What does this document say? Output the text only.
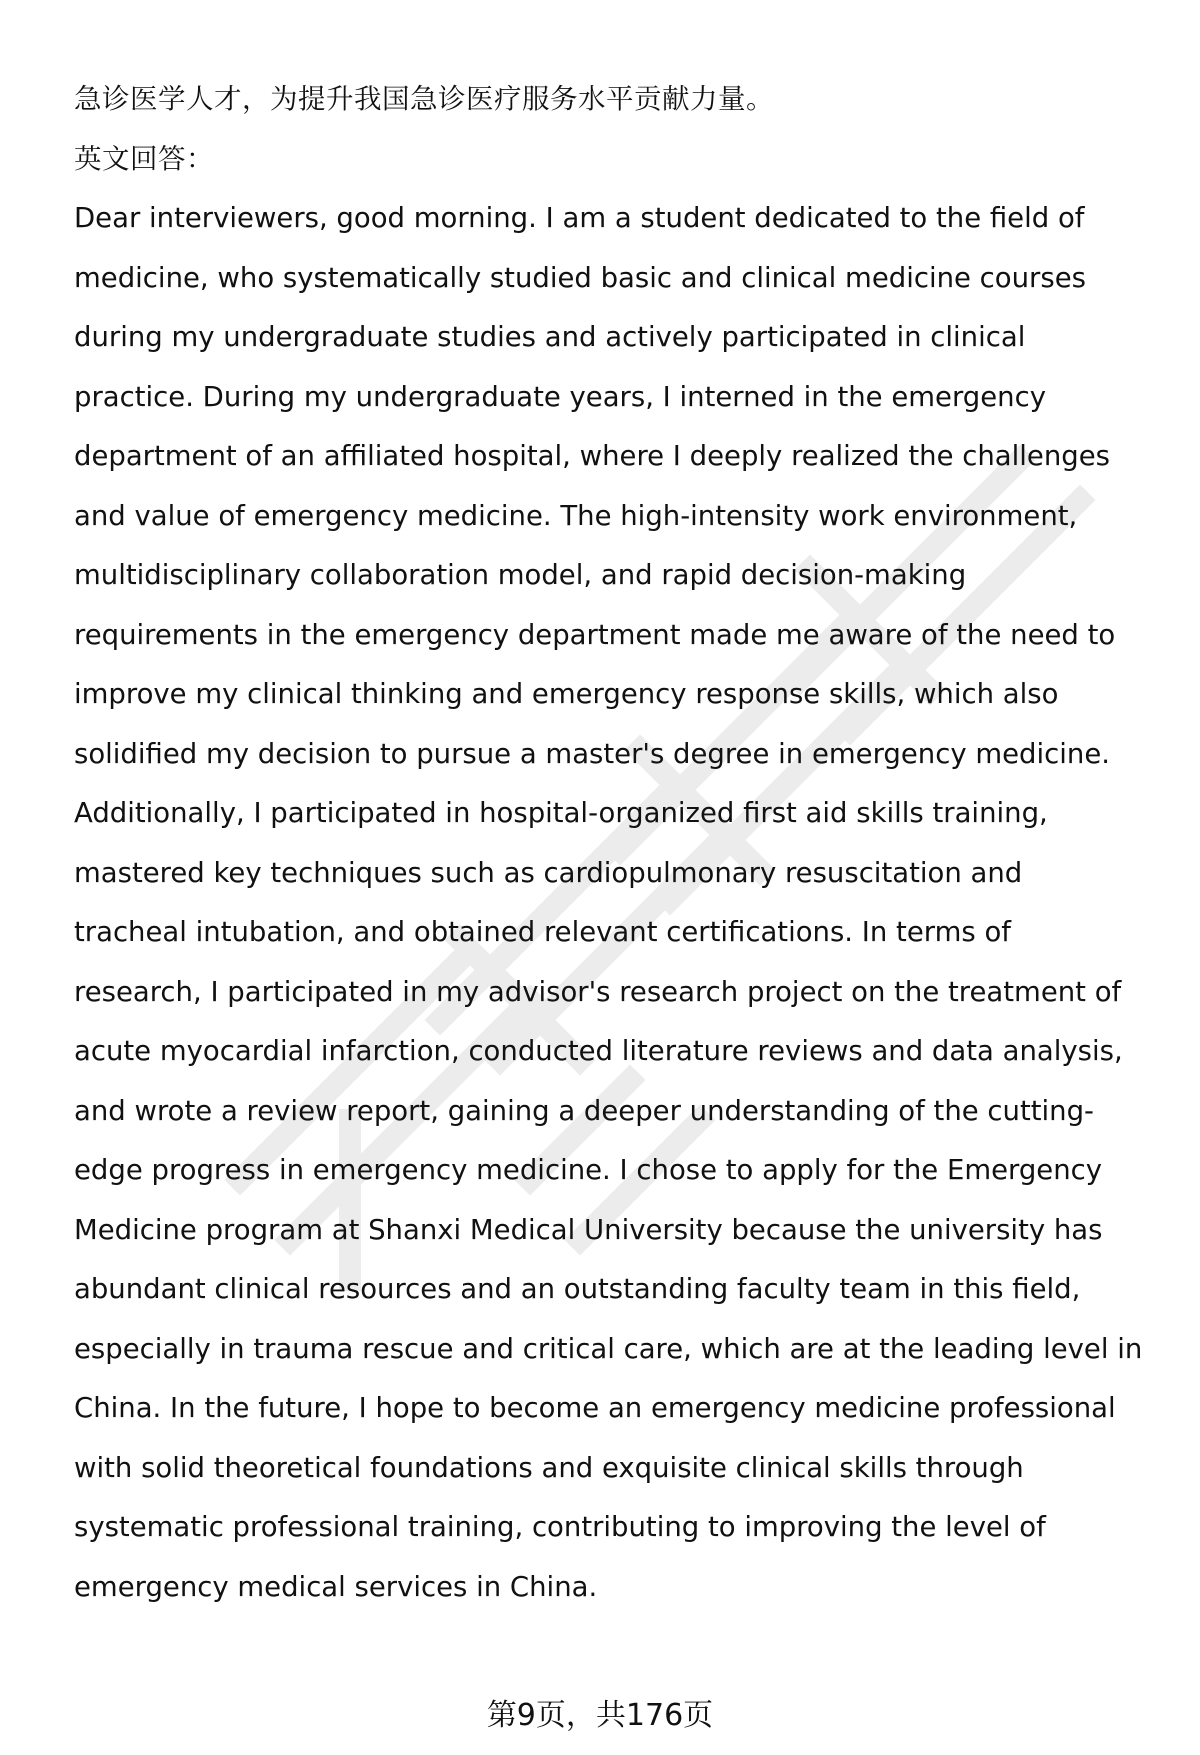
急诊医学人才，为提升我国急诊医疗服务水平贡献力量。
英文回答：
Dear interviewers, good morning. I am a student dedicated to the field of
medicine, who systematically studied basic and clinical medicine courses
during my undergraduate studies and actively participated in clinical
practice. During my undergraduate years, I interned in the emergency
department of an affiliated hospital, where I deeply realized the challenges
and value of emergency medicine. The high-intensity work environment,
multidisciplinary collaboration model, and rapid decision-making
requirements in the emergency department made me aware of the need to
improve my clinical thinking and emergency response skills, which also
solidified my decision to pursue a master's degree in emergency medicine.
Additionally, I participated in hospital-organized first aid skills training,
mastered key techniques such as cardiopulmonary resuscitation and
tracheal intubation, and obtained relevant certifications. In terms of
research, I participated in my advisor's research project on the treatment of
acute myocardial infarction, conducted literature reviews and data analysis,
and wrote a review report, gaining a deeper understanding of the cutting-
edge progress in emergency medicine. I chose to apply for the Emergency
Medicine program at Shanxi Medical University because the university has
abundant clinical resources and an outstanding faculty team in this field,
especially in trauma rescue and critical care, which are at the leading level in
China. In the future, I hope to become an emergency medicine professional
with solid theoretical foundations and exquisite clinical skills through
systematic professional training, contributing to improving the level of
emergency medical services in China.
第9页，共176页
